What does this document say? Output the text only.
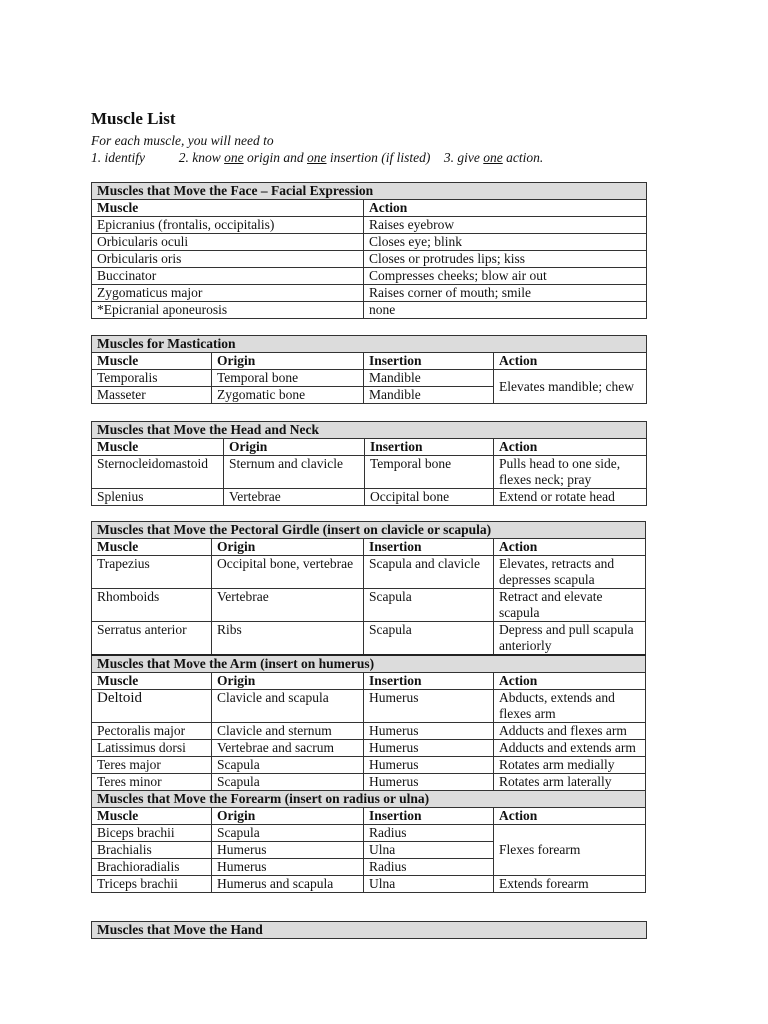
Muscle List
For each muscle, you will need to
1. identify	2. know one origin and one insertion (if listed) 3. give one action.
Muscles that Move the Face – Facial Expression	
Muscle	Action
Epicranius (frontalis, occipitalis)	Raises eyebrow
Orbicularis oculi	Closes eye; blink
Orbicularis oris	Closes or protrudes lips; kiss
Buccinator	Compresses cheeks; blow air out
Zygomaticus major	Raises corner of mouth; smile
*Epicranial aponeurosis	none
Muscles for Mastication			
Muscle	Origin	Insertion	Action
Temporalis	Temporal bone	Mandible	Elevates mandible; chew
Masseter	Zygomatic bone	Mandible	
Muscles that Move the Head and Neck			
Muscle	Origin	Insertion	Action
Sternocleidomastoid	Sternum and clavicle	Temporal bone	Pulls head to one side, flexes neck; pray
Splenius	Vertebrae	Occipital bone	Extend or rotate head
Muscles that Move the Pectoral Girdle (insert on clavicle or scapula)			
Muscle	Origin	Insertion	Action
Trapezius	Occipital bone, vertebrae	Scapula and clavicle	Elevates, retracts and depresses scapula
Rhomboids	Vertebrae	Scapula	Retract and elevate scapula
Serratus anterior	Ribs	Scapula	Depress and pull scapula anteriorly
Muscles that Move the Arm (insert on humerus)			
Muscle	Origin	Insertion	Action
Deltoid	Clavicle and scapula	Humerus	Abducts, extends and flexes arm
Pectoralis major	Clavicle and sternum	Humerus	Adducts and flexes arm
Latissimus dorsi	Vertebrae and sacrum	Humerus	Adducts and extends arm
Teres major	Scapula	Humerus	Rotates arm medially
Teres minor	Scapula	Humerus	Rotates arm laterally
Muscles that Move the Forearm (insert on radius or ulna)			
Muscle	Origin	Insertion	Action
Biceps brachii	Scapula	Radius	Flexes forearm
Brachialis	Humerus	Ulna	
Brachioradialis	Humerus	Radius	
Triceps brachii	Humerus and scapula	Ulna	Extends forearm
Muscles that Move the Hand
